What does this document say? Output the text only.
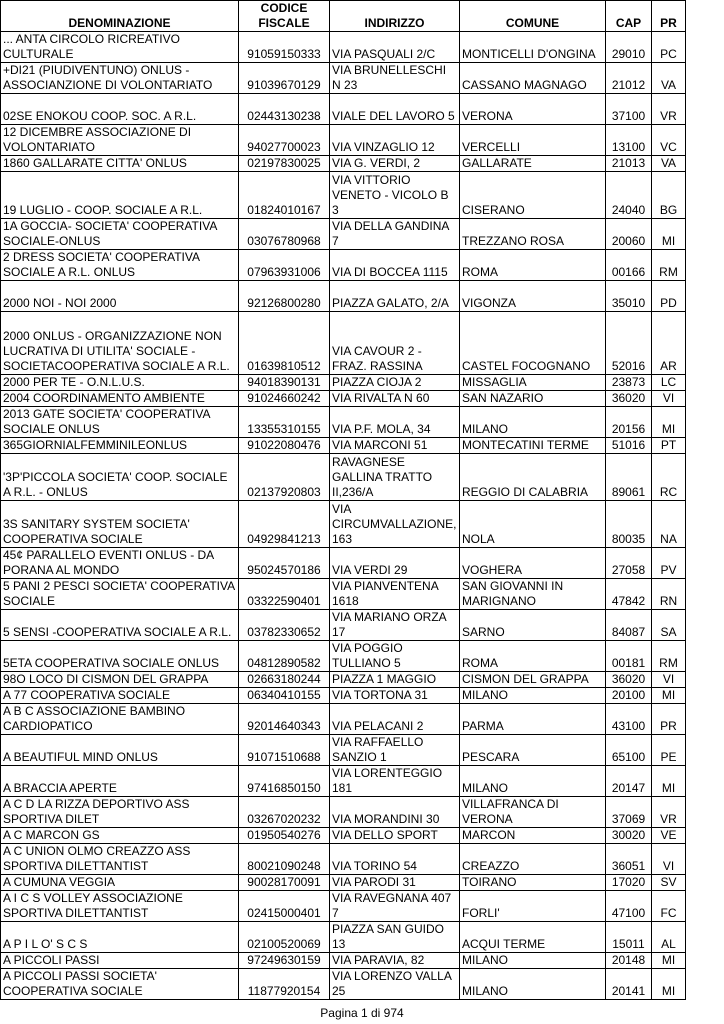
DENOMINAZIONE	CODICE FISCALE	INDIRIZZO	COMUNE	CAP	PR
... ANTA CIRCOLO RICREATIVO CULTURALE	91059150333	VIA PASQUALI 2/C	MONTICELLI D'ONGINA	29010	PC
+DI21 (PIUDIVENTUNO) ONLUS - ASSOCIANZIONE DI VOLONTARIATO	91039670129	VIA BRUNELLESCHI N 23	CASSANO MAGNAGO	21012	VA
02SE ENOKOU COOP. SOC. A R.L.	02443130238	VIALE DEL LAVORO 5	VERONA	37100	VR
12 DICEMBRE ASSOCIAZIONE DI VOLONTARIATO	94027700023	VIA VINZAGLIO 12	VERCELLI	13100	VC
1860 GALLARATE CITTA' ONLUS	02197830025	VIA G. VERDI, 2	GALLARATE	21013	VA
19 LUGLIO - COOP. SOCIALE A R.L.	01824010167	VIA VITTORIO VENETO - VICOLO B 3	CISERANO	24040	BG
1A GOCCIA- SOCIETA' COOPERATIVA SOCIALE-ONLUS	03076780968	VIA DELLA GANDINA 7	TREZZANO ROSA	20060	MI
2 DRESS SOCIETA' COOPERATIVA SOCIALE A R.L. ONLUS	07963931006	VIA DI BOCCEA 1115	ROMA	00166	RM
2000 NOI - NOI 2000	92126800280	PIAZZA GALATO, 2/A	VIGONZA	35010	PD
2000 ONLUS - ORGANIZZAZIONE NON LUCRATIVA DI UTILITA' SOCIALE - SOCIETACOOPERATIVA SOCIALE A R.L.	01639810512	VIA CAVOUR 2 - FRAZ. RASSINA	CASTEL FOCOGNANO	52016	AR
2000 PER TE - O.N.L.U.S.	94018390131	PIAZZA CIOJA 2	MISSAGLIA	23873	LC
2004 COORDINAMENTO AMBIENTE	91024660242	VIA RIVALTA N 60	SAN NAZARIO	36020	VI
2013 GATE SOCIETA' COOPERATIVA SOCIALE ONLUS	13355310155	VIA P.F. MOLA, 34	MILANO	20156	MI
365GIORNIALFEMMINILEONLUS	91022080476	VIA MARCONI 51	MONTECATINI TERME	51016	PT
'3P'PICCOLA SOCIETA' COOP. SOCIALE A R.L. - ONLUS	02137920803	RAVAGNESE GALLINA TRATTO II,236/A	REGGIO DI CALABRIA	89061	RC
3S SANITARY SYSTEM SOCIETA' COOPERATIVA SOCIALE	04929841213	VIA CIRCUMVALLAZIONE, 163	NOLA	80035	NA
45¢ PARALLELO EVENTI ONLUS - DA PORANA AL MONDO	95024570186	VIA VERDI 29	VOGHERA	27058	PV
5 PANI 2 PESCI SOCIETA' COOPERATIVA SOCIALE	03322590401	VIA PIANVENTENA 1618	SAN GIOVANNI IN MARIGNANO	47842	RN
5 SENSI -COOPERATIVA SOCIALE A R.L.	03782330652	VIA MARIANO ORZA 17	SARNO	84087	SA
5ETA COOPERATIVA SOCIALE ONLUS	04812890582	VIA POGGIO TULLIANO 5	ROMA	00181	RM
98O LOCO DI CISMON DEL GRAPPA	02663180244	PIAZZA 1 MAGGIO	CISMON DEL GRAPPA	36020	VI
A 77 COOPERATIVA SOCIALE	06340410155	VIA TORTONA 31	MILANO	20100	MI
A B C ASSOCIAZIONE BAMBINO CARDIOPATICO	92014640343	VIA PELACANI 2	PARMA	43100	PR
A BEAUTIFUL MIND ONLUS	91071510688	VIA RAFFAELLO SANZIO 1	PESCARA	65100	PE
A BRACCIA APERTE	97416850150	VIA LORENTEGGIO 181	MILANO	20147	MI
A C D LA RIZZA DEPORTIVO ASS SPORTIVA DILET	03267020232	VIA MORANDINI 30	VILLAFRANCA DI VERONA	37069	VR
A C MARCON GS	01950540276	VIA DELLO SPORT	MARCON	30020	VE
A C UNION OLMO CREAZZO ASS SPORTIVA DILETTANTIST	80021090248	VIA TORINO 54	CREAZZO	36051	VI
A CUMUNA VEGGIA	90028170091	VIA PARODI 31	TOIRANO	17020	SV
A I C S VOLLEY ASSOCIAZIONE SPORTIVA DILETTANTIST	02415000401	VIA RAVEGNANA 407 7	FORLI'	47100	FC
A P I L O' S C S	02100520069	PIAZZA SAN GUIDO 13	ACQUI TERME	15011	AL
A PICCOLI PASSI	97249630159	VIA PARAVIA, 82	MILANO	20148	MI
A PICCOLI PASSI SOCIETA' COOPERATIVA SOCIALE	11877920154	VIA LORENZO VALLA 25	MILANO	20141	MI
Pagina 1 di 974
